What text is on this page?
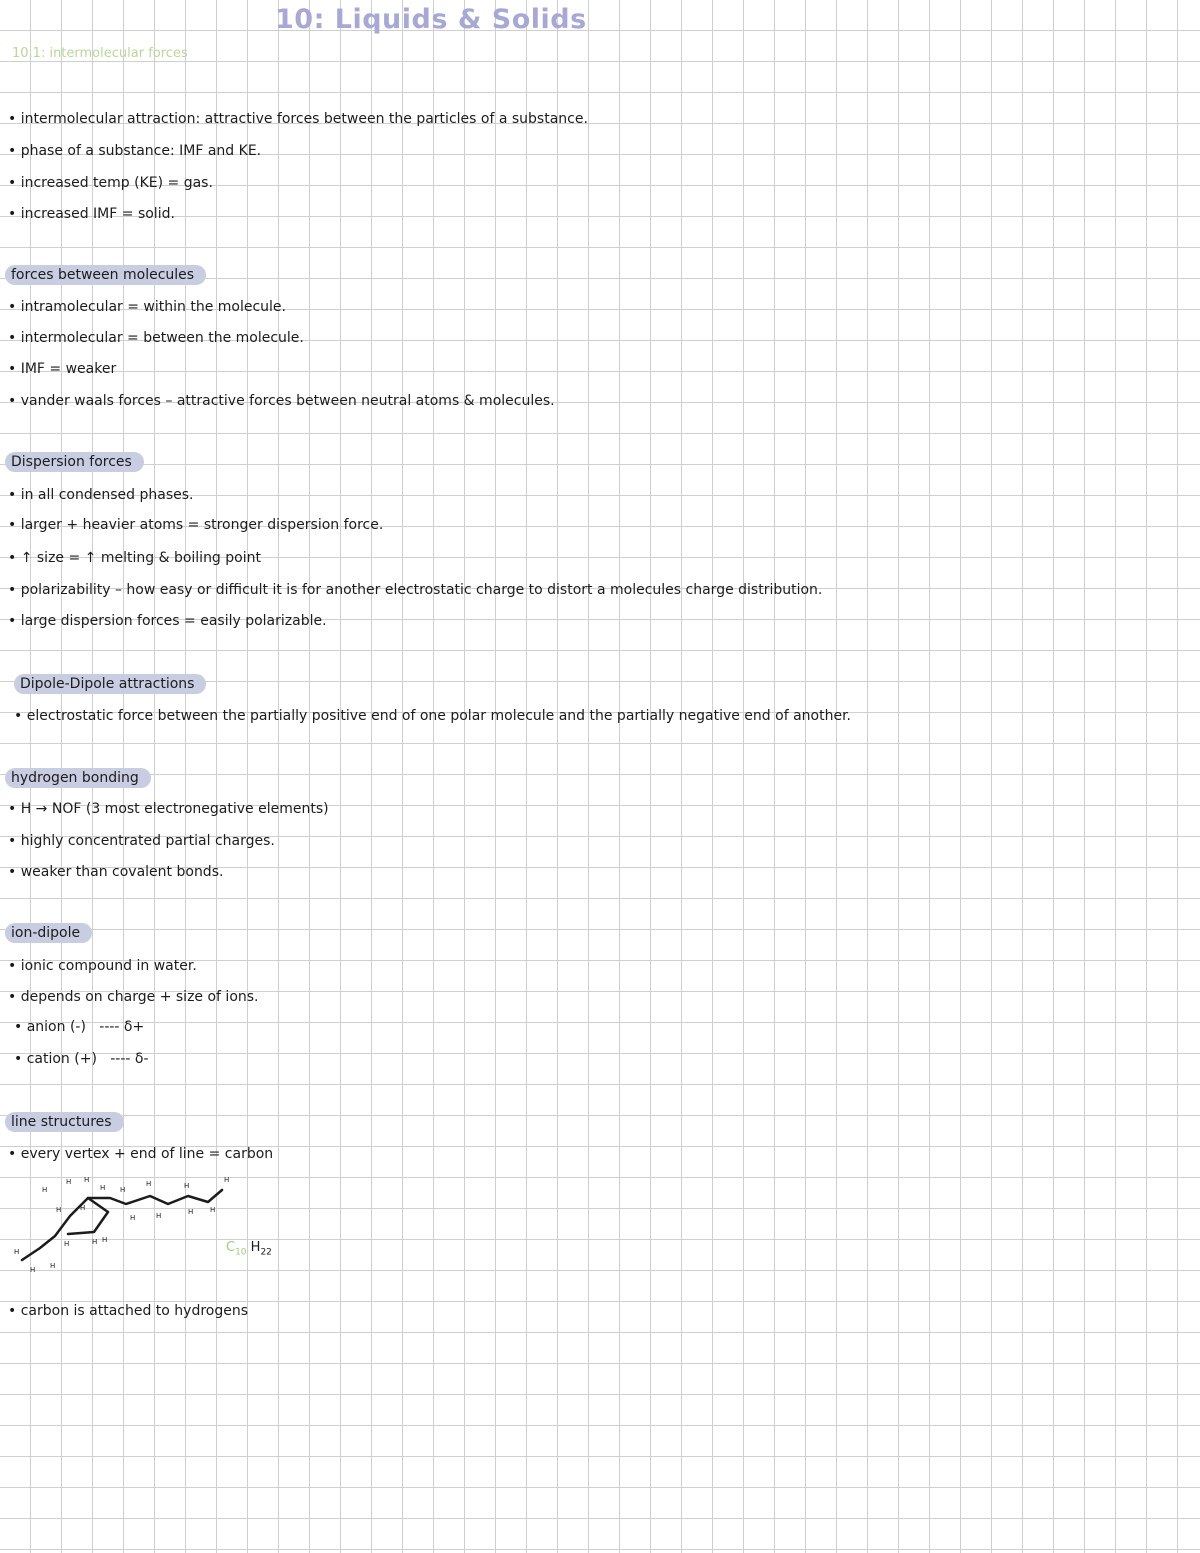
10: Liquids & Solids
10.1: intermolecular forces
• intermolecular attraction: attractive forces between the particles of a substance.
• phase of a substance: IMF and KE.
• increased temp (KE) = gas.
• increased IMF = solid.
forces between molecules
• intramolecular = within the molecule.
• intermolecular = between the molecule.
• IMF = weaker
• vander waals forces – attractive forces between neutral atoms & molecules.
Dispersion forces
• in all condensed phases.
• larger + heavier atoms = stronger dispersion force.
• ↑ size = ↑ melting & boiling point
• polarizability – how easy or difficult it is for another electrostatic charge to distort a molecules charge distribution.
• large dispersion forces = easily polarizable.
Dipole-Dipole attractions
• electrostatic force between the partially positive end of one polar molecule and the partially negative end of another.
hydrogen bonding
• H → NOF (3 most electronegative elements)
• highly concentrated partial charges.
• weaker than covalent bonds.
ion-dipole
• ionic compound in water.
• depends on charge + size of ions.
• anion (-)   ---- δ+
• cation (+)   ---- δ-
line structures
• every vertex + end of line = carbon
H
H H
H
H
H H
H
H
H
H
H
H
H
H H
H
H H
H	$C_{10}$ $H_{22}$
• carbon is attached to hydrogens
